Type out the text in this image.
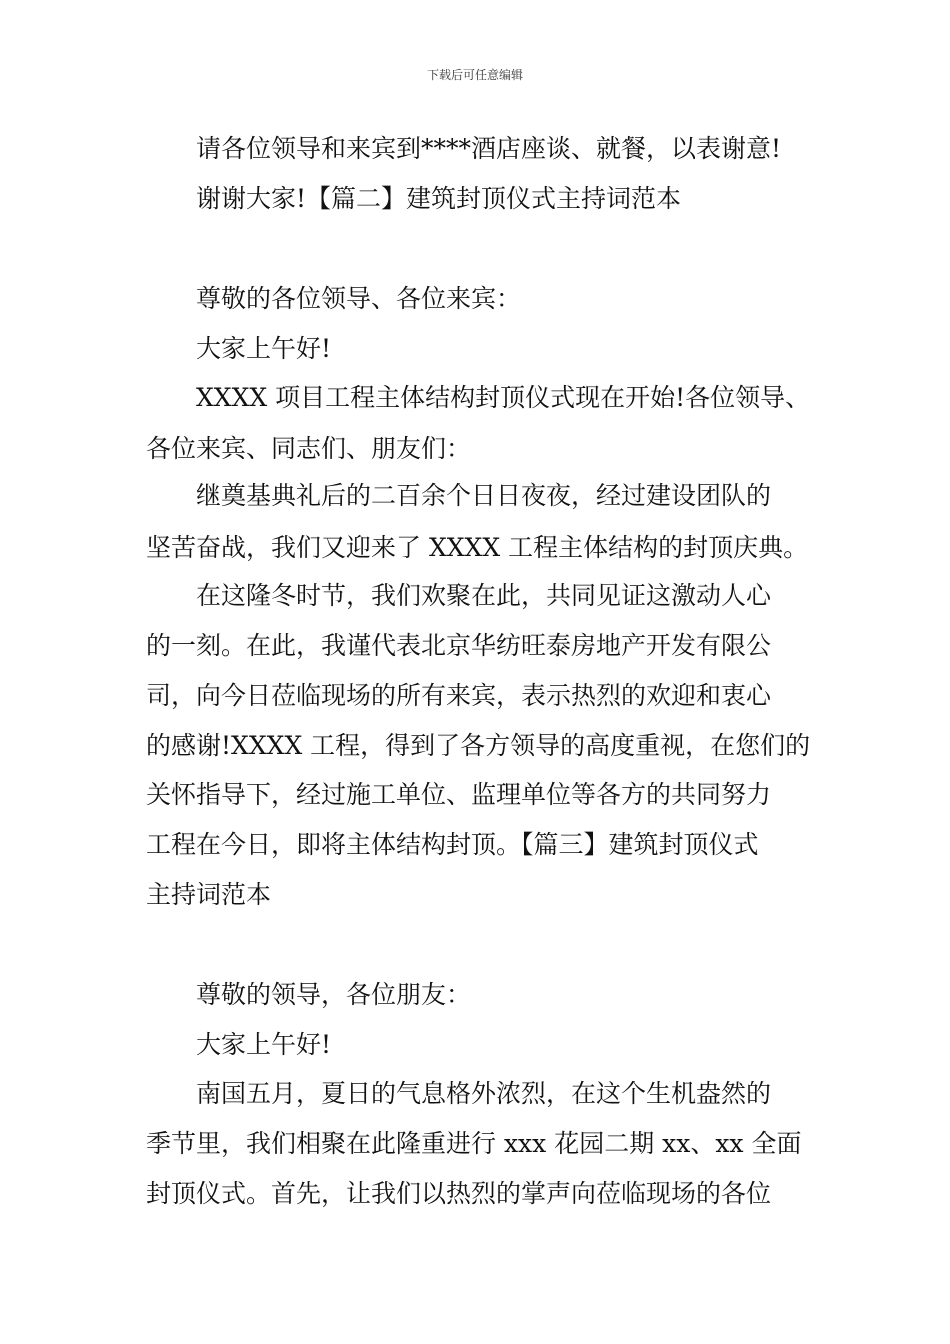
下载后可任意编辑
请各位领导和来宾到****酒店座谈、就餐，以表谢意!
谢谢大家!【篇二】建筑封顶仪式主持词范本
尊敬的各位领导、各位来宾：
大家上午好!
XXXX 项目工程主体结构封顶仪式现在开始!各位领导、
各位来宾、同志们、朋友们：
继奠基典礼后的二百余个日日夜夜，经过建设团队的
坚苦奋战，我们又迎来了 XXXX 工程主体结构的封顶庆典。
在这隆冬时节，我们欢聚在此，共同见证这激动人心
的一刻。在此，我谨代表北京华纺旺泰房地产开发有限公
司，向今日莅临现场的所有来宾，表示热烈的欢迎和衷心
的感谢!XXXX 工程，得到了各方领导的高度重视，在您们的
关怀指导下，经过施工单位、监理单位等各方的共同努力
工程在今日，即将主体结构封顶。【篇三】建筑封顶仪式
主持词范本
尊敬的领导，各位朋友：
大家上午好!
南国五月，夏日的气息格外浓烈，在这个生机盎然的
季节里，我们相聚在此隆重进行 xxx 花园二期 xx、xx 全面
封顶仪式。首先，让我们以热烈的掌声向莅临现场的各位
